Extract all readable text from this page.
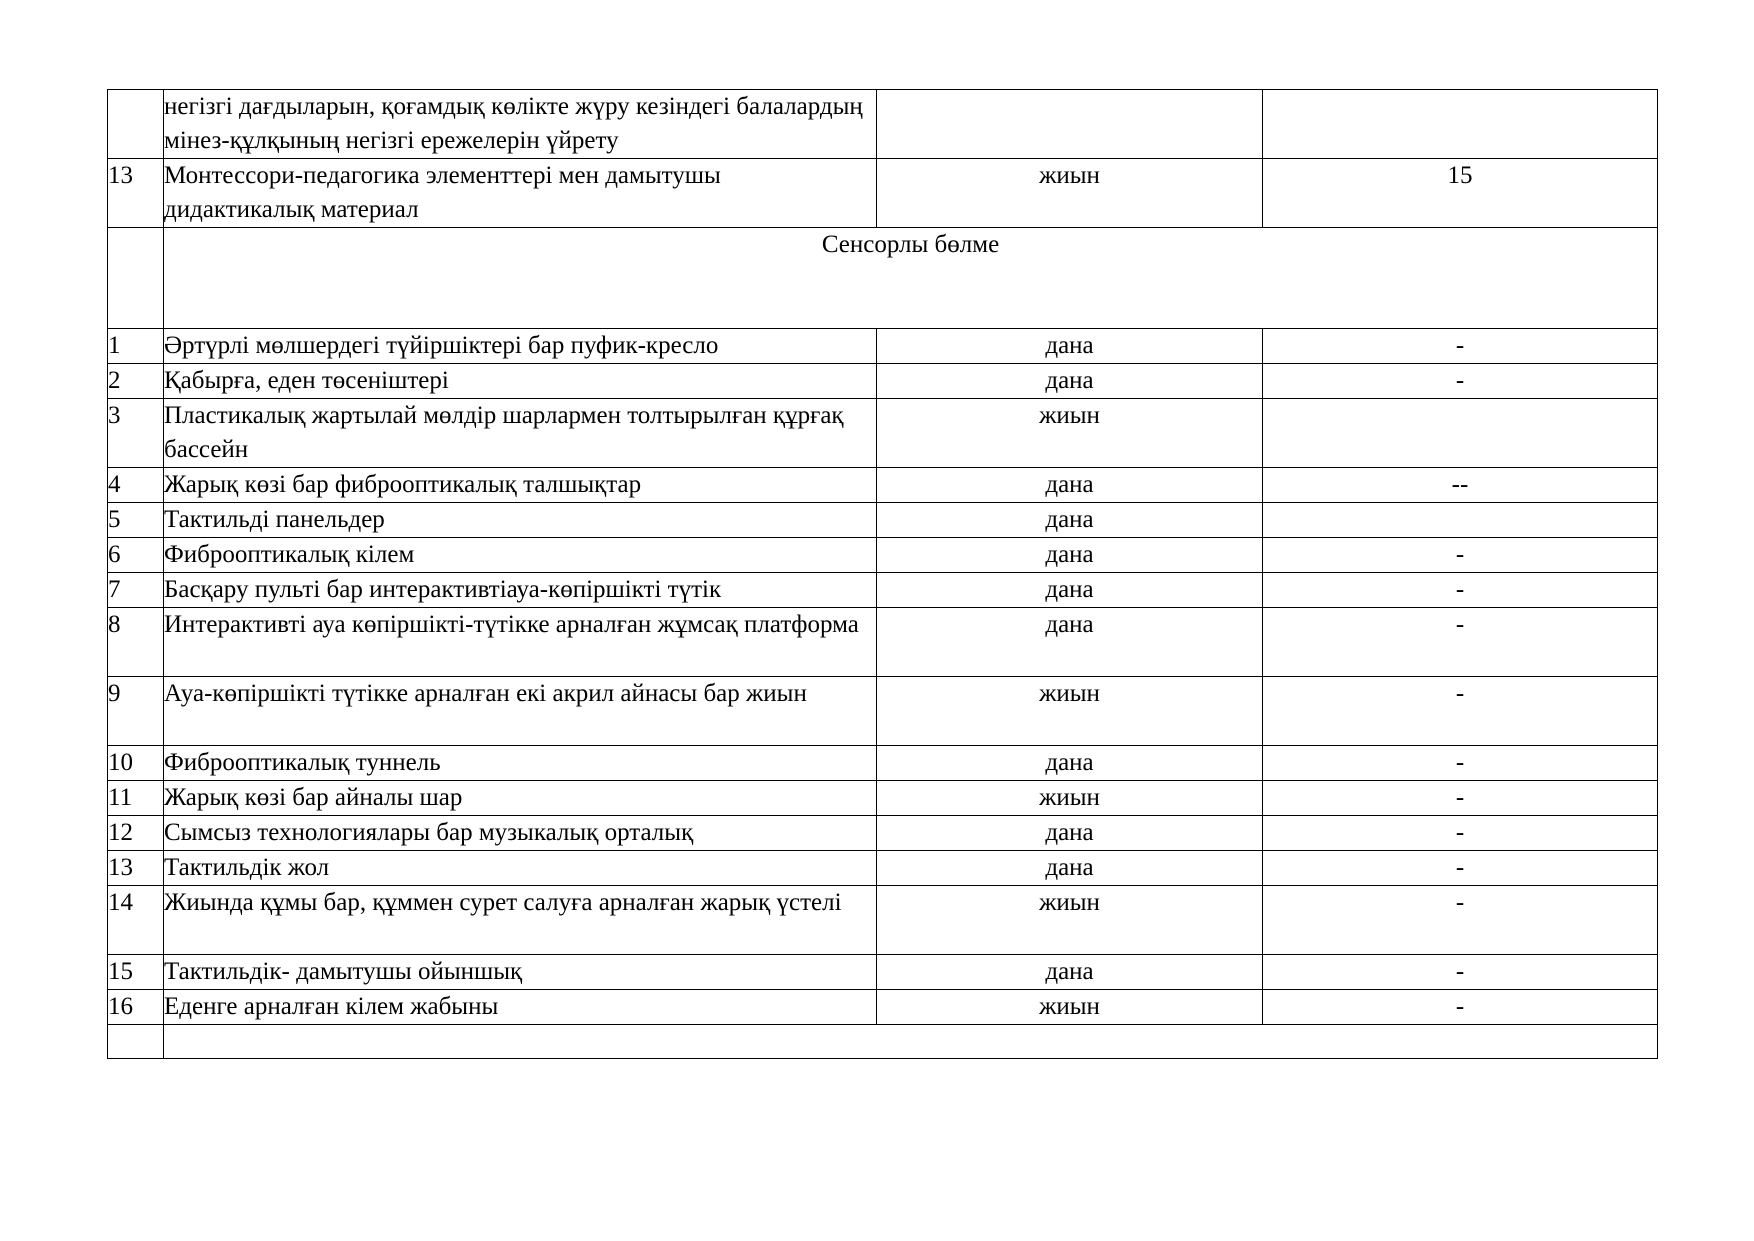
	негізгі дағдыларын, қоғамдық көлікте жүру кезіндегі балалардың мінез-құлқының негізгі ережелерін үйрету		
13	Монтессори-педагогика элементтері мен дамытушы дидактикалық материал	жиын	15
	Сенсорлы бөлме		
1	Әртүрлі мөлшердегі түйіршіктері бар пуфик-кресло	дана	-
2	Қабырға, еден төсеніштері	дана	-
3	Пластикалық жартылай мөлдір шарлармен толтырылған құрғақ бассейн	жиын	
4	Жарық көзі бар фиброоптикалық талшықтар	дана	--
5	Тактильді панельдер	дана	
6	Фиброоптикалық кілем	дана	-
7	Басқару пульті бар интерактивтіауа-көпіршікті түтік	дана	-
8	Интерактивті ауа көпіршікті-түтікке арналған жұмсақ платформа	дана	-
9	Ауа-көпіршікті түтікке арналған екі акрил айнасы бар жиын	жиын	-
10	Фиброоптикалық туннель	дана	-
11	Жарық көзі бар айналы шар	жиын	-
12	Сымсыз технологиялары бар музыкалық орталық	дана	-
13	Тактильдік жол	дана	-
14	Жиында құмы бар, құммен сурет салуға арналған жарық үстелі	жиын	-
15	Тактильдік- дамытушы ойыншық	дана	-
16	Еденге арналған кілем жабыны	жиын	-
